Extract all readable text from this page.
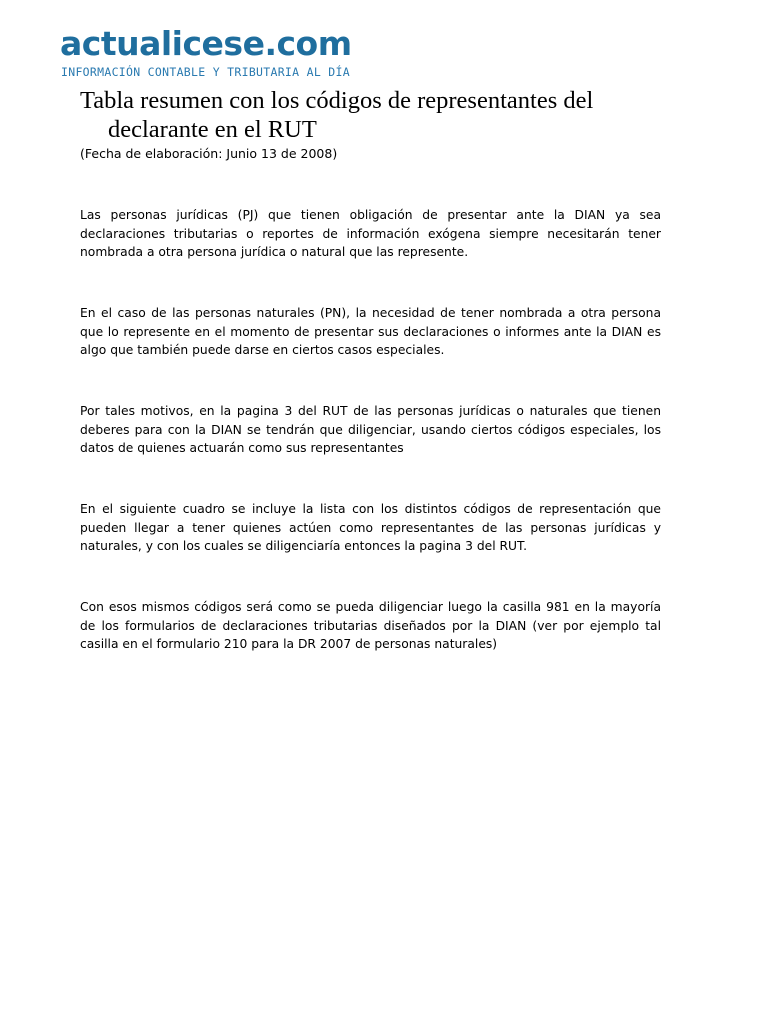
actualicese.com
INFORMACIÓN CONTABLE Y TRIBUTARIA AL DÍA
Tabla resumen con los códigos de representantes del
declarante en el RUT
(Fecha de elaboración: Junio 13 de 2008)

Las personas jurídicas (PJ) que tienen obligación de presentar ante la DIAN ya sea declaraciones tributarias o reportes de información exógena siempre necesitarán tener nombrada a otra persona jurídica o natural que las represente.

En el caso de las personas naturales (PN), la necesidad de tener nombrada a otra persona que lo represente en el momento de presentar sus declaraciones o informes ante la DIAN es algo que también puede darse en ciertos casos especiales.

Por tales motivos, en la pagina 3 del RUT de las personas jurídicas o naturales que tienen deberes para con la DIAN se tendrán que diligenciar, usando ciertos códigos especiales, los datos de quienes actuarán como sus representantes

En el siguiente cuadro se incluye la lista con los distintos códigos de representación que pueden llegar a tener quienes actúen como representantes de las personas jurídicas y naturales, y con los cuales se diligenciaría entonces la pagina 3 del RUT.

Con esos mismos códigos será como se pueda diligenciar luego la casilla 981 en la mayoría de los formularios de declaraciones tributarias diseñados por la DIAN (ver por ejemplo tal casilla en el formulario 210 para la DR 2007 de personas naturales)
